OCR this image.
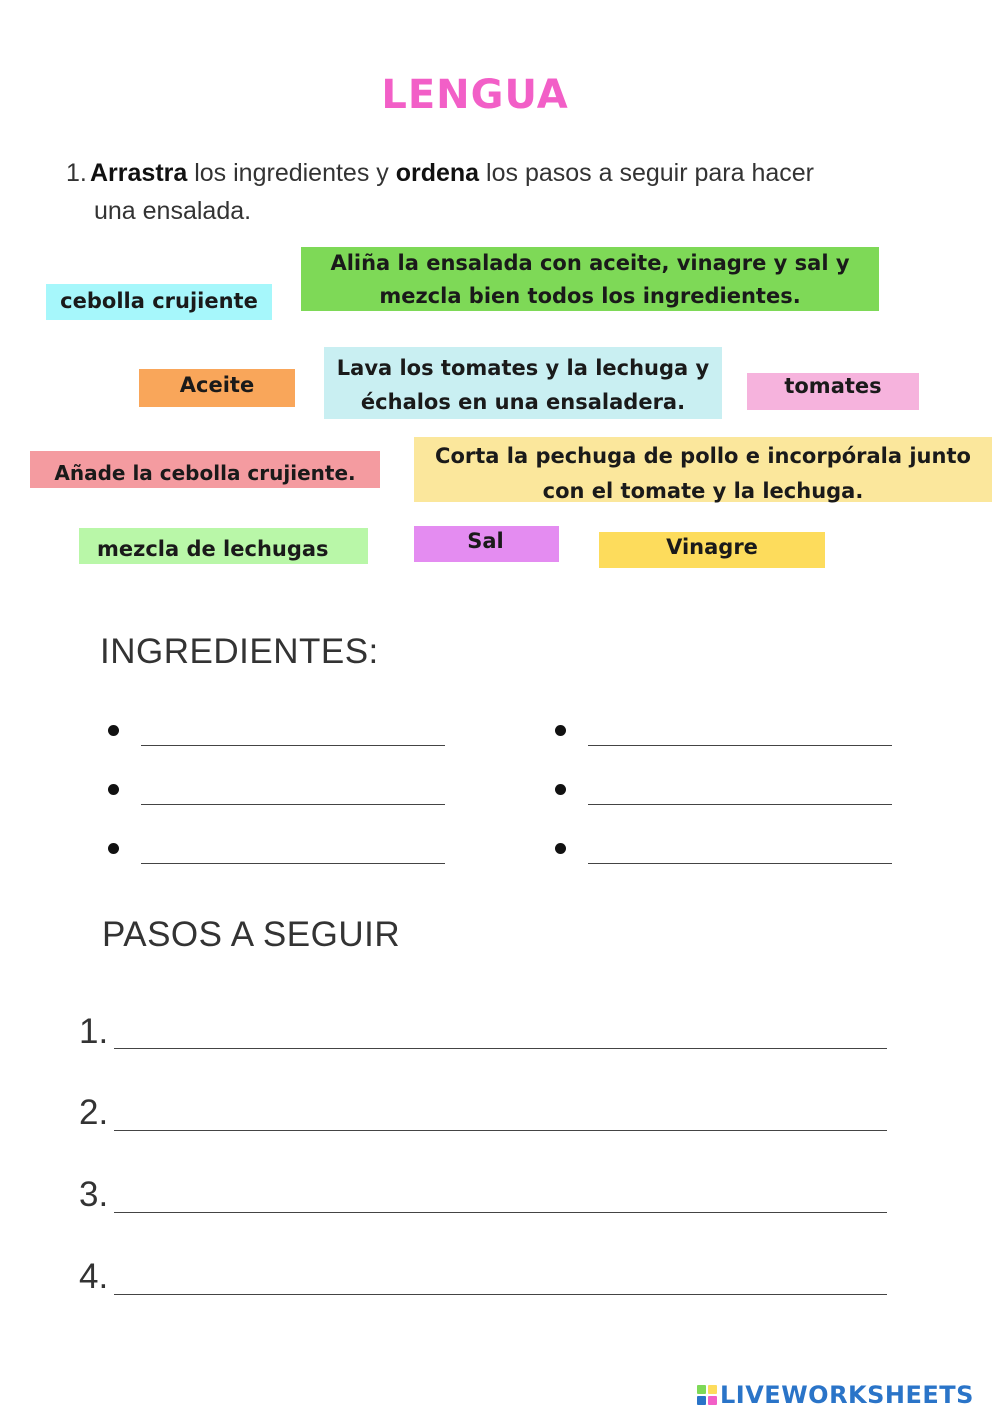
LENGUA
1. Arrastra los ingredientes y ordena los pasos a seguir para hacer
una ensalada.
cebolla crujiente
Aliña la ensalada con aceite, vinagre y sal y mezcla bien todos los ingredientes.
Aceite
Lava los tomates y la lechuga y échalos en una ensaladera.
tomates
Añade la cebolla crujiente.
Corta la pechuga de pollo e incorpórala junto con el tomate y la lechuga.
mezcla de lechugas	Sal	Vinagre
INGREDIENTES:
PASOS A SEGUIR
1.
2.
3.
4.
LIVEWORKSHEETS
